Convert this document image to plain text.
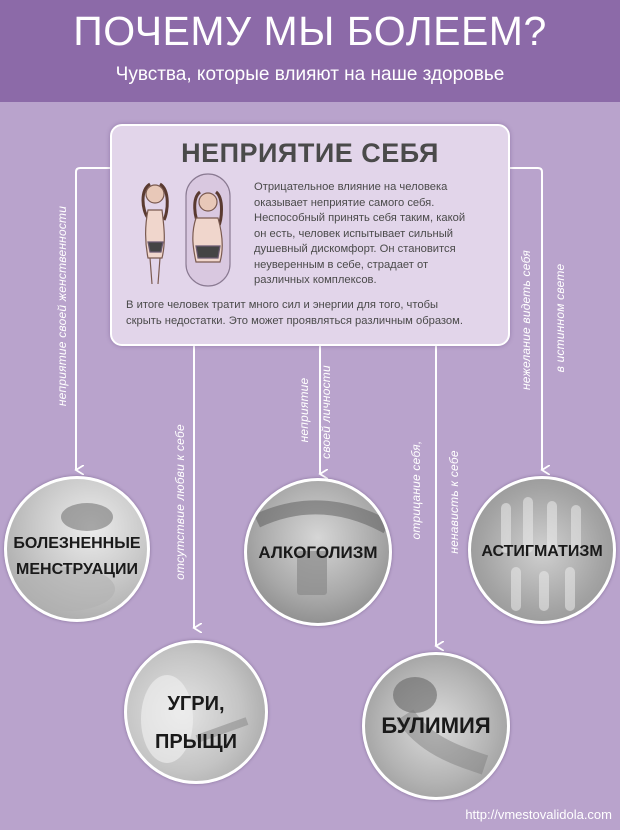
ПОЧЕМУ МЫ БОЛЕЕМ?
Чувства, которые влияют на наше здоровье
НЕПРИЯТИЕ СЕБЯ
Отрицательное влияние на человека
оказывает неприятие самого себя.
Неспособный принять себя таким, какой
он есть, человек испытывает сильный
душевный дискомфорт. Он становится
неуверенным в себе, страдает от
различных комплексов.
В итоге человек тратит много сил и энергии для того, чтобы
скрыть недостатки. Это может проявляться различным образом.
неприятие своей женственности
отсутствие любви к себе
неприятие своей личности
отрицание себя, ненависть к себе
нежелание видеть себя в истинном свете
БОЛЕЗНЕННЫЕ
МЕНСТРУАЦИИ
АЛКОГОЛИЗМ	АСТИГМАТИЗМ
УГРИ,
ПРЫЩИ
БУЛИМИЯ
http://vmestovalidola.com
